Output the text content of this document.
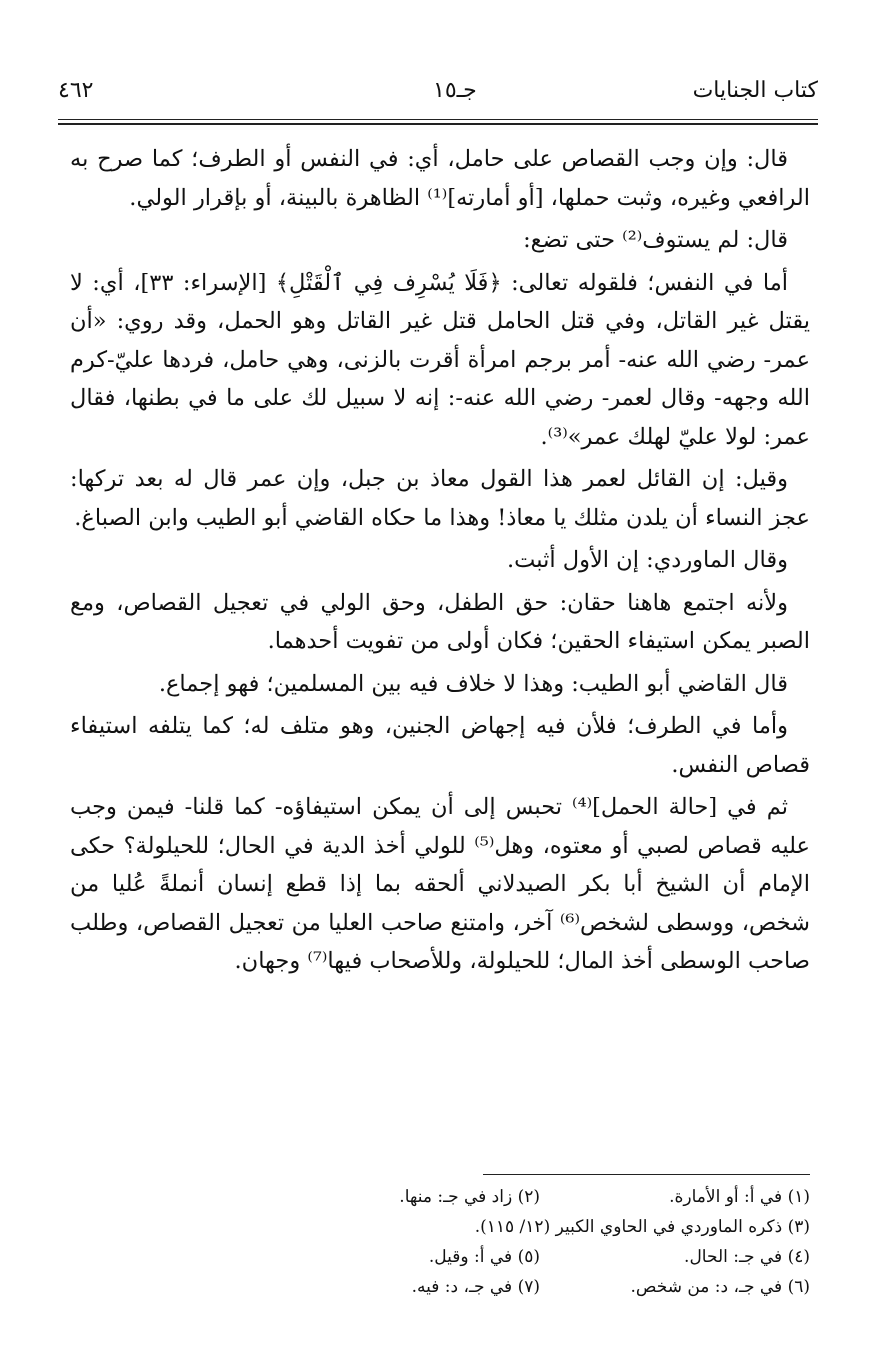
٤٦٢	جـ١٥	كتاب الجنايات

قال: وإن وجب القصاص على حامل، أي: في النفس أو الطرف؛ كما صرح به الرافعي وغيره، وثبت حملها، [أو أمارته]⁽¹⁾ الظاهرة بالبينة، أو بإقرار الولي.

قال: لم يستوف⁽²⁾ حتى تضع:

أما في النفس؛ فلقوله تعالى: ﴿فَلَا يُسْرِف فِي ٱلْقَتْلِ﴾ [الإسراء: ٣٣]، أي: لا يقتل غير القاتل، وفي قتل الحامل قتل غير القاتل وهو الحمل، وقد روي: «أن عمر- رضي الله عنه- أمر برجم امرأة أقرت بالزنى، وهي حامل، فردها عليّ-كرم الله وجهه- وقال لعمر- رضي الله عنه-: إنه لا سبيل لك على ما في بطنها، فقال عمر: لولا عليّ لهلك عمر»⁽³⁾.

وقيل: إن القائل لعمر هذا القول معاذ بن جبل، وإن عمر قال له بعد تركها: عجز النساء أن يلدن مثلك يا معاذ! وهذا ما حكاه القاضي أبو الطيب وابن الصباغ.

وقال الماوردي: إن الأول أثبت.

ولأنه اجتمع هاهنا حقان: حق الطفل، وحق الولي في تعجيل القصاص، ومع الصبر يمكن استيفاء الحقين؛ فكان أولى من تفويت أحدهما.

قال القاضي أبو الطيب: وهذا لا خلاف فيه بين المسلمين؛ فهو إجماع.

وأما في الطرف؛ فلأن فيه إجهاض الجنين، وهو متلف له؛ كما يتلفه استيفاء قصاص النفس.

ثم في [حالة الحمل]⁽⁴⁾ تحبس إلى أن يمكن استيفاؤه- كما قلنا- فيمن وجب عليه قصاص لصبي أو معتوه، وهل⁽⁵⁾ للولي أخذ الدية في الحال؛ للحيلولة؟ حكى الإمام أن الشيخ أبا بكر الصيدلاني ألحقه بما إذا قطع إنسان أنملةً عُليا من شخص، ووسطى لشخص⁽⁶⁾ آخر، وامتنع صاحب العليا من تعجيل القصاص، وطلب صاحب الوسطى أخذ المال؛ للحيلولة، وللأصحاب فيها⁽⁷⁾ وجهان.

(١) في أ: أو الأمارة.
(٢) زاد في جـ: منها.
(٣) ذكره الماوردي في الحاوي الكبير (١٢/ ١١٥).
(٤) في جـ: الحال.
(٥) في أ: وقيل.
(٦) في جـ، د: من شخص.
(٧) في جـ، د: فيه.
